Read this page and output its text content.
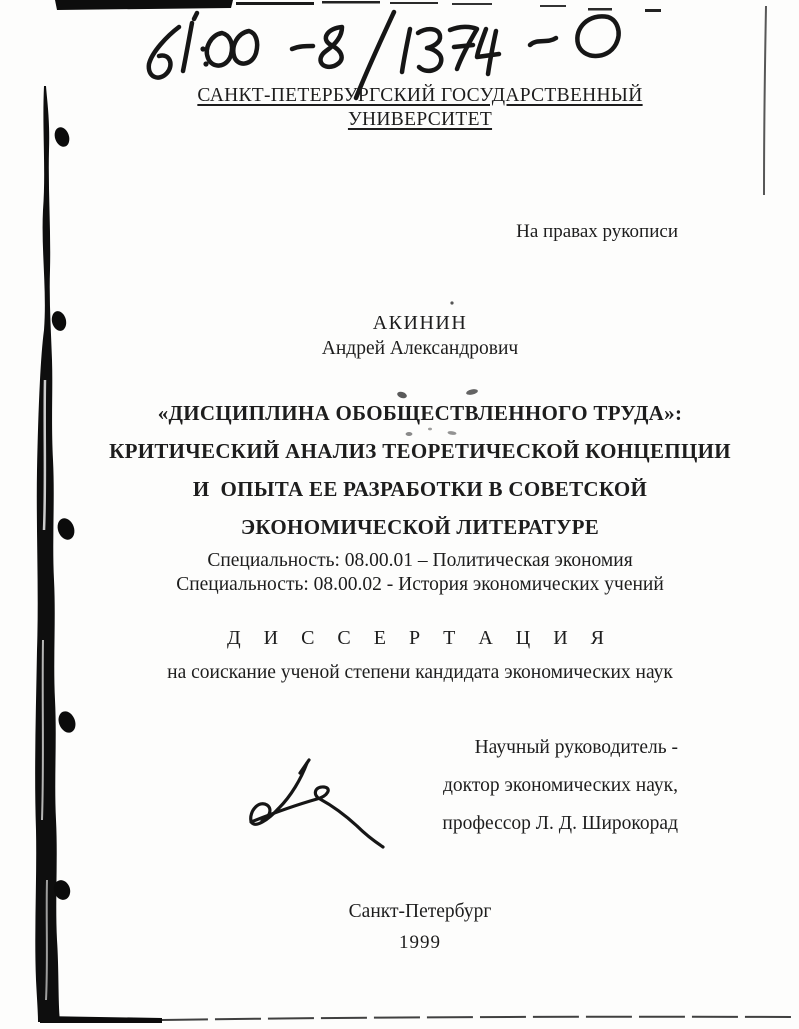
САНКТ-ПЕТЕРБУРГСКИЙ ГОСУДАРСТВЕННЫЙ
УНИВЕРСИТЕТ
На правах рукописи
АКИНИН
Андрей Александрович
«ДИСЦИПЛИНА ОБОБЩЕСТВЛЕННОГО ТРУДА»:
КРИТИЧЕСКИЙ АНАЛИЗ ТЕОРЕТИЧЕСКОЙ КОНЦЕПЦИИ
И  ОПЫТА ЕЕ РАЗРАБОТКИ В СОВЕТСКОЙ
ЭКОНОМИЧЕСКОЙ ЛИТЕРАТУРЕ
Специальность: 08.00.01 – Политическая экономия
Специальность: 08.00.02 - История экономических учений
Д И С С Е Р Т А Ц И Я
на соискание ученой степени кандидата экономических наук
Научный руководитель -
доктор экономических наук,
профессор Л. Д. Широкорад
Санкт-Петербург
1999
